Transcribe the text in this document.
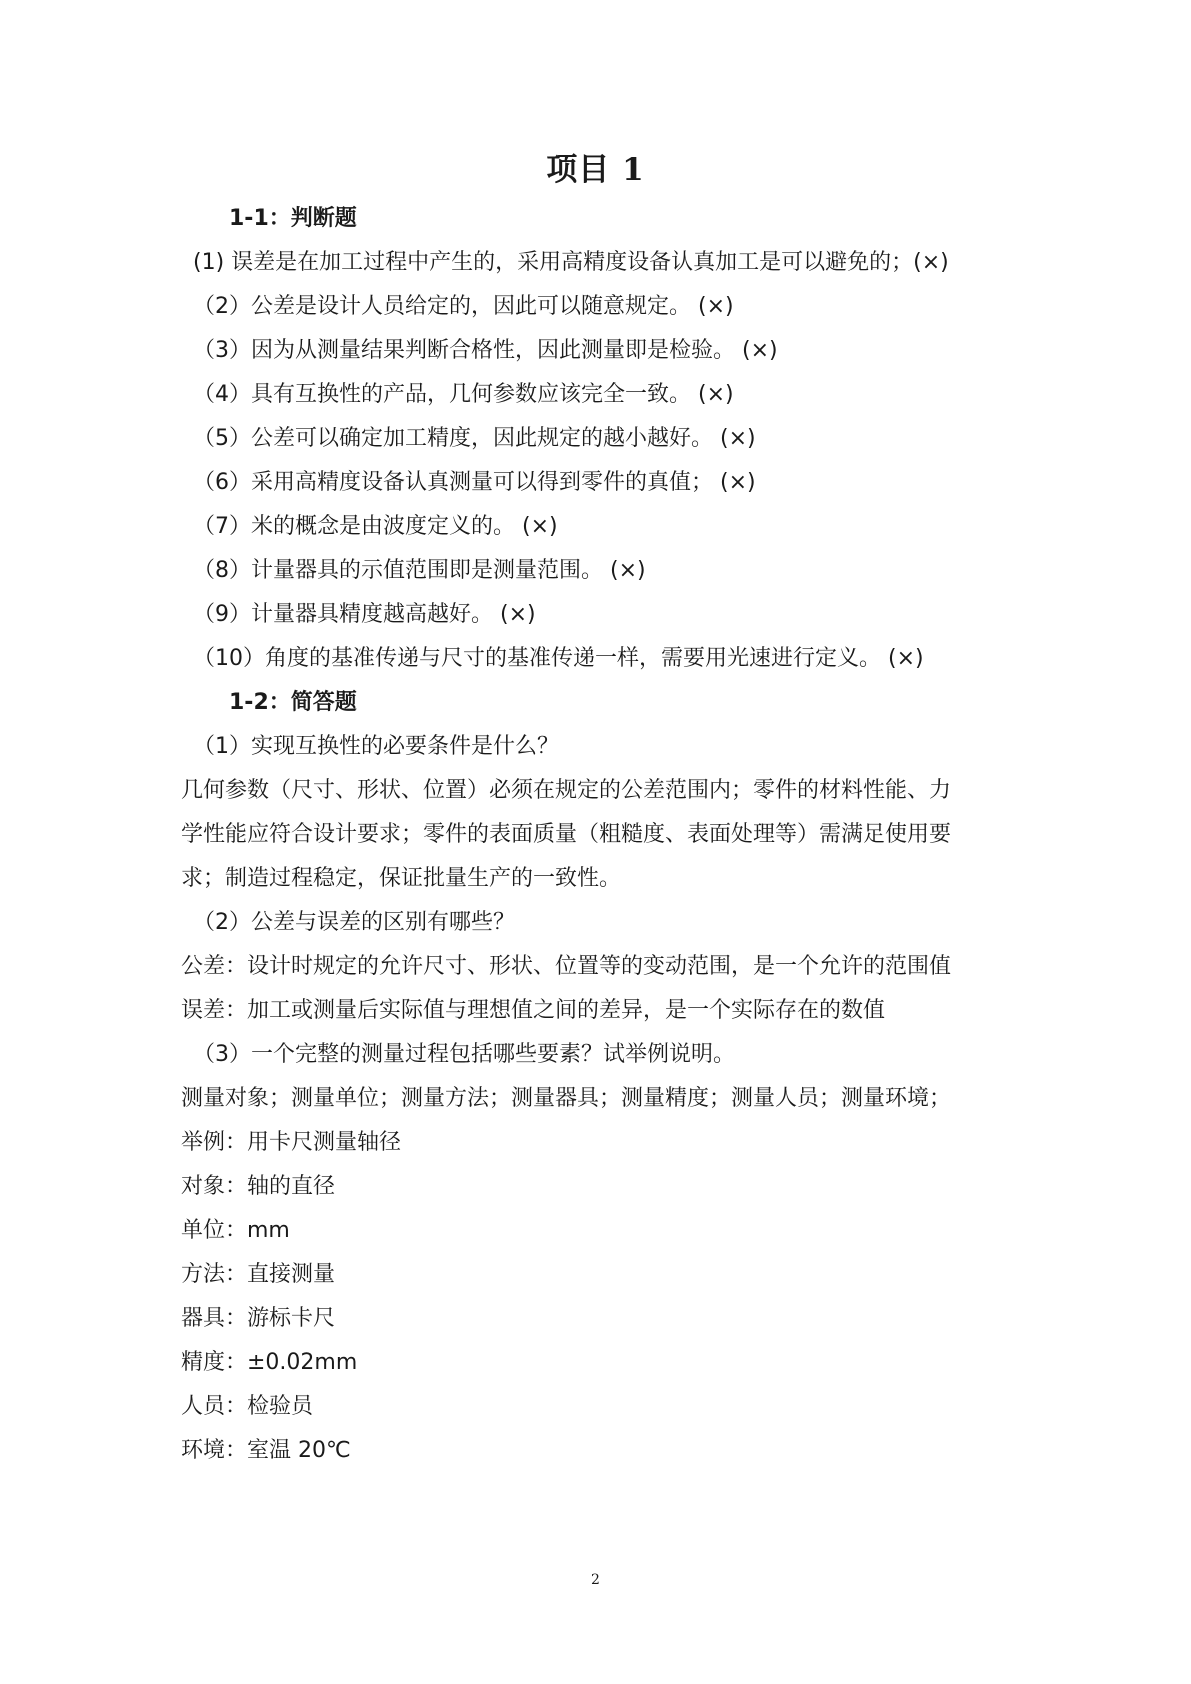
项目 1

1-1：判断题

(1) 误差是在加工过程中产生的，采用高精度设备认真加工是可以避免的；(×)

（2）公差是设计人员给定的，因此可以随意规定。 (×)

（3）因为从测量结果判断合格性，因此测量即是检验。 (×)

（4）具有互换性的产品，几何参数应该完全一致。 (×)

（5）公差可以确定加工精度，因此规定的越小越好。 (×)

（6）采用高精度设备认真测量可以得到零件的真值； (×)

（7）米的概念是由波度定义的。 (×)

（8）计量器具的示值范围即是测量范围。 (×)

（9）计量器具精度越高越好。 (×)

（10）角度的基准传递与尺寸的基准传递一样，需要用光速进行定义。 (×)

1-2：简答题

（1）实现互换性的必要条件是什么？

几何参数（尺寸、形状、位置）必须在规定的公差范围内；零件的材料性能、力

学性能应符合设计要求；零件的表面质量（粗糙度、表面处理等）需满足使用要

求；制造过程稳定，保证批量生产的一致性。

（2）公差与误差的区别有哪些？

公差：设计时规定的允许尺寸、形状、位置等的变动范围，是一个允许的范围值

误差：加工或测量后实际值与理想值之间的差异，是一个实际存在的数值

（3）一个完整的测量过程包括哪些要素？试举例说明。

测量对象；测量单位；测量方法；测量器具；测量精度；测量人员；测量环境；

举例：用卡尺测量轴径

对象：轴的直径

单位：mm

方法：直接测量

器具：游标卡尺

精度：±0.02mm

人员：检验员

环境：室温 20℃

2
